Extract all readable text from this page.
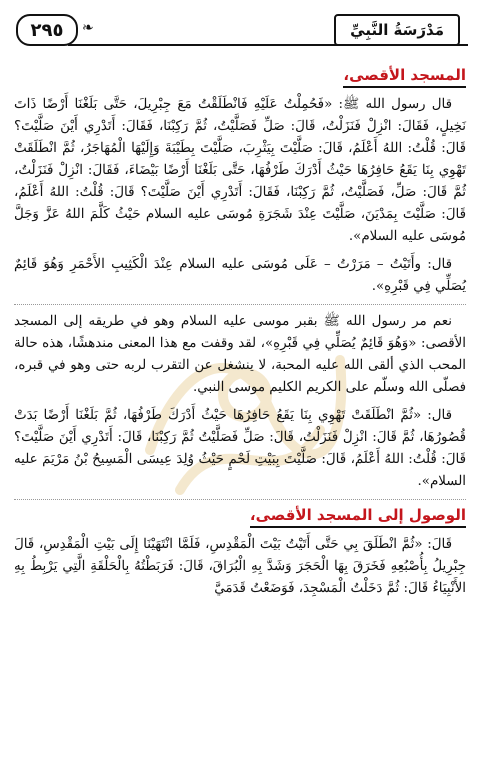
٢٩٥	❧	مَدْرَسَةُ النَّبِيِّ
المسجد الأقصى،

قال رسول الله ﷺ: «فَحُمِلْتُ عَلَيْهِ فَانْطَلَقْتُ مَعَ جِبْرِيلَ، حَتَّى بَلَغْنَا أَرْضًا ذَاتَ نَخِيلٍ، فَقَالَ: انْزِلْ فَنَزَلْتُ، قَالَ: صَلِّ فَصَلَّيْتُ، ثُمَّ رَكِبْنَا، فَقَالَ: أَتَدْرِي أَيْنَ صَلَّيْتَ؟ قَالَ: قُلْتُ: اللهُ أَعْلَمُ، قَالَ: صَلَّيْتَ بِيَثْرِبَ، صَلَّيْتَ بِطَيْبَةَ وَإِلَيْهَا الْمُهَاجَرُ، ثُمَّ انْطَلَقَتْ تَهْوِي بِنَا يَقَعُ حَافِرُهَا حَيْثُ أَدْرَكَ طَرْفُهَا، حَتَّى بَلَغْنَا أَرْضًا بَيْضَاءَ، فَقَالَ: انْزِلْ فَنَزَلْتُ، ثُمَّ قَالَ: صَلِّ، فَصَلَّيْتُ، ثُمَّ رَكِبْنَا، فَقَالَ: أَتَدْرِي أَيْنَ صَلَّيْتَ؟ قَالَ: قُلْتُ: اللهُ أَعْلَمُ، قَالَ: صَلَّيْتَ بِمَدْيَنَ، صَلَّيْتَ عِنْدَ شَجَرَةِ مُوسَى عليه السلام حَيْثُ كَلَّمَ اللهُ عَزَّ وَجَلَّ مُوسَى عليه السلام».

قال: وأَتَيْتُ – مَرَرْتُ – عَلَى مُوسَى عليه السلام عِنْدَ الْكَثِيبِ الأَحْمَرِ وَهُوَ قَائِمٌ يُصَلِّي فِي قَبْرِهِ».

نعم مر رسول الله ﷺ بقبر موسى عليه السلام وهو في طريقه إلى المسجد الأقصى: «وَهُوَ قَائِمٌ يُصَلِّي فِي قَبْرِهِ»، لقد وقفت مع هذا المعنى مندهشًا، هذه حالة المحب الذي ألقى الله عليه المحبة، لا ينشغل عن التقرب لربه حتى وهو في قبره، فصلّى الله وسلّم على الكريم الكليم موسى النبي.

قال: «ثُمَّ انْطَلَقَتْ تَهْوِي بِنَا يَقَعُ حَافِرُهَا حَيْثُ أَدْرَكَ طَرْفُهَا، ثُمَّ بَلَغْنَا أَرْضًا بَدَتْ قُصُورُهَا، ثُمَّ قَالَ: انْزِلْ فَنَزَلْتُ، قَالَ: صَلِّ فَصَلَّيْتُ ثُمَّ رَكِبْنَا، قَالَ: أَتَدْرِي أَيْنَ صَلَّيْتَ؟ قَالَ: قُلْتُ: اللهُ أَعْلَمُ، قَالَ: صَلَّيْتَ بِبَيْتِ لَحْمٍ حَيْثُ وُلِدَ عِيسَى الْمَسِيحُ بْنُ مَرْيَمَ عليه السلام».

الوصول إلى المسجد الأقصى،

قَالَ: «ثُمَّ انْطَلَقَ بِي حَتَّى أَتَيْتُ بَيْتَ الْمَقْدِسِ، فَلَمَّا انْتَهَيْنَا إِلَى بَيْتِ الْمَقْدِسِ، قَالَ جِبْرِيلُ بِأُصْبُعِهِ فَخَرَقَ بِهَا الْحَجَرَ وَشَدَّ بِهِ الْبُرَاقَ، قَالَ: فَرَبَطْتُهُ بِالْحَلْقَةِ الَّتِي يَرْبِطُ بِهِ الأَنْبِيَاءُ قَالَ: ثُمَّ دَخَلْتُ الْمَسْجِدَ، فَوَضَعْتُ قَدَمَيَّ
